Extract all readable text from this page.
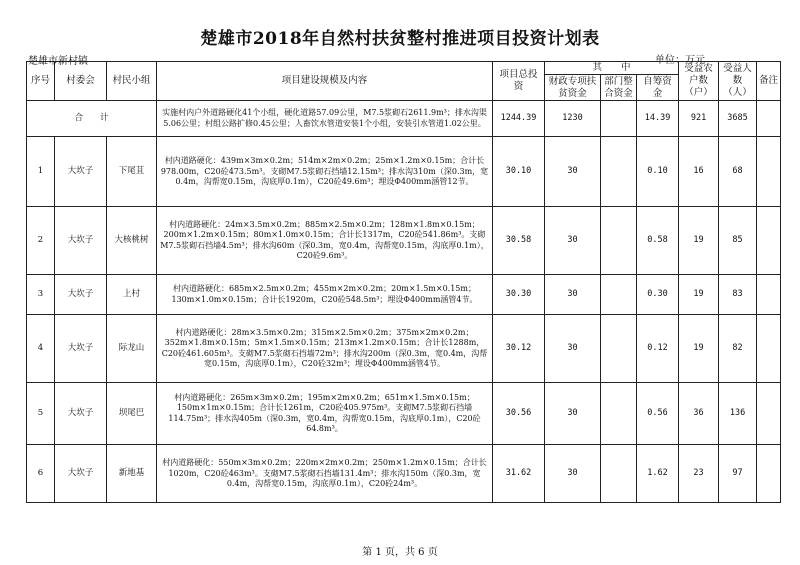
楚雄市2018年自然村扶贫整村推进项目投资计划表
楚雄市新村镇	单位：万元
序号	村委会	村民小组	项目建设规模及内容	项目总投资	其　　中			受益农户数（户）	受益人数（人）	备注
					财政专项扶贫资金	部门整合资金	自筹资金			
合　　计			实施村内户外道路硬化41个小组，硬化道路57.09公里，M7.5浆砌石2611.9m³；排水沟渠5.06公里；村组公路扩修0.45公里；人畜饮水管道安装1个小组，安装引水管道1.02公里。	1244.39	1230		14.39	921	3685	
1	大坎子	下尾苴	村内道路硬化：439m×3m×0.2m；514m×2m×0.2m；25m×1.2m×0.15m；合计长978.00m，C20砼473.5m³。支砌M7.5浆砌石挡墙12.15m³；排水沟310m（深0.3m，宽0.4m，沟帮宽0.15m，沟底厚0.1m），C20砼49.6m³；埋设Φ400mm涵管12节。	30.10	30		0.10	16	68	
2	大坎子	大核桃树	村内道路硬化：24m×3.5m×0.2m；885m×2.5m×0.2m；128m×1.8m×0.15m；200m×1.2m×0.15m；80m×1.0m×0.15m；合计长1317m，C20砼541.86m³。支砌M7.5浆砌石挡墙4.5m³；排水沟60m（深0.3m，宽0.4m，沟帮宽0.15m，沟底厚0.1m），C20砼9.6m³。	30.58	30		0.58	19	85	
3	大坎子	上村	村内道路硬化：685m×2.5m×0.2m；455m×2m×0.2m；20m×1.5m×0.15m；130m×1.0m×0.15m；合计长1920m，C20砼548.5m³；埋设Φ400mm涵管4节。	30.30	30		0.30	19	83	
4	大坎子	际龙山	村内道路硬化：28m×3.5m×0.2m；315m×2.5m×0.2m；375m×2m×0.2m；352m×1.8m×0.15m；5m×1.5m×0.15m；213m×1.2m×0.15m；合计长1288m，C20砼461.605m³。支砌M7.5浆砌石挡墙72m³；排水沟200m（深0.3m，宽0.4m，沟帮宽0.15m，沟底厚0.1m），C20砼32m³；埋设Φ400mm涵管4节。	30.12	30		0.12	19	82	
5	大坎子	坝尾巴	村内道路硬化：265m×3m×0.2m；195m×2m×0.2m；651m×1.5m×0.15m；150m×1m×0.15m；合计长1261m，C20砼405.975m³。支砌M7.5浆砌石挡墙114.75m³；排水沟405m（深0.3m，宽0.4m，沟帮宽0.15m，沟底厚0.1m），C20砼64.8m³。	30.56	30		0.56	36	136	
6	大坎子	新地基	村内道路硬化：550m×3m×0.2m；220m×2m×0.2m；250m×1.2m×0.15m；合计长1020m，C20砼463m³。支砌M7.5浆砌石挡墙131.4m³；排水沟150m（深0.3m，宽0.4m，沟帮宽0.15m，沟底厚0.1m），C20砼24m³。	31.62	30		1.62	23	97	
第 1 页，共 6 页
